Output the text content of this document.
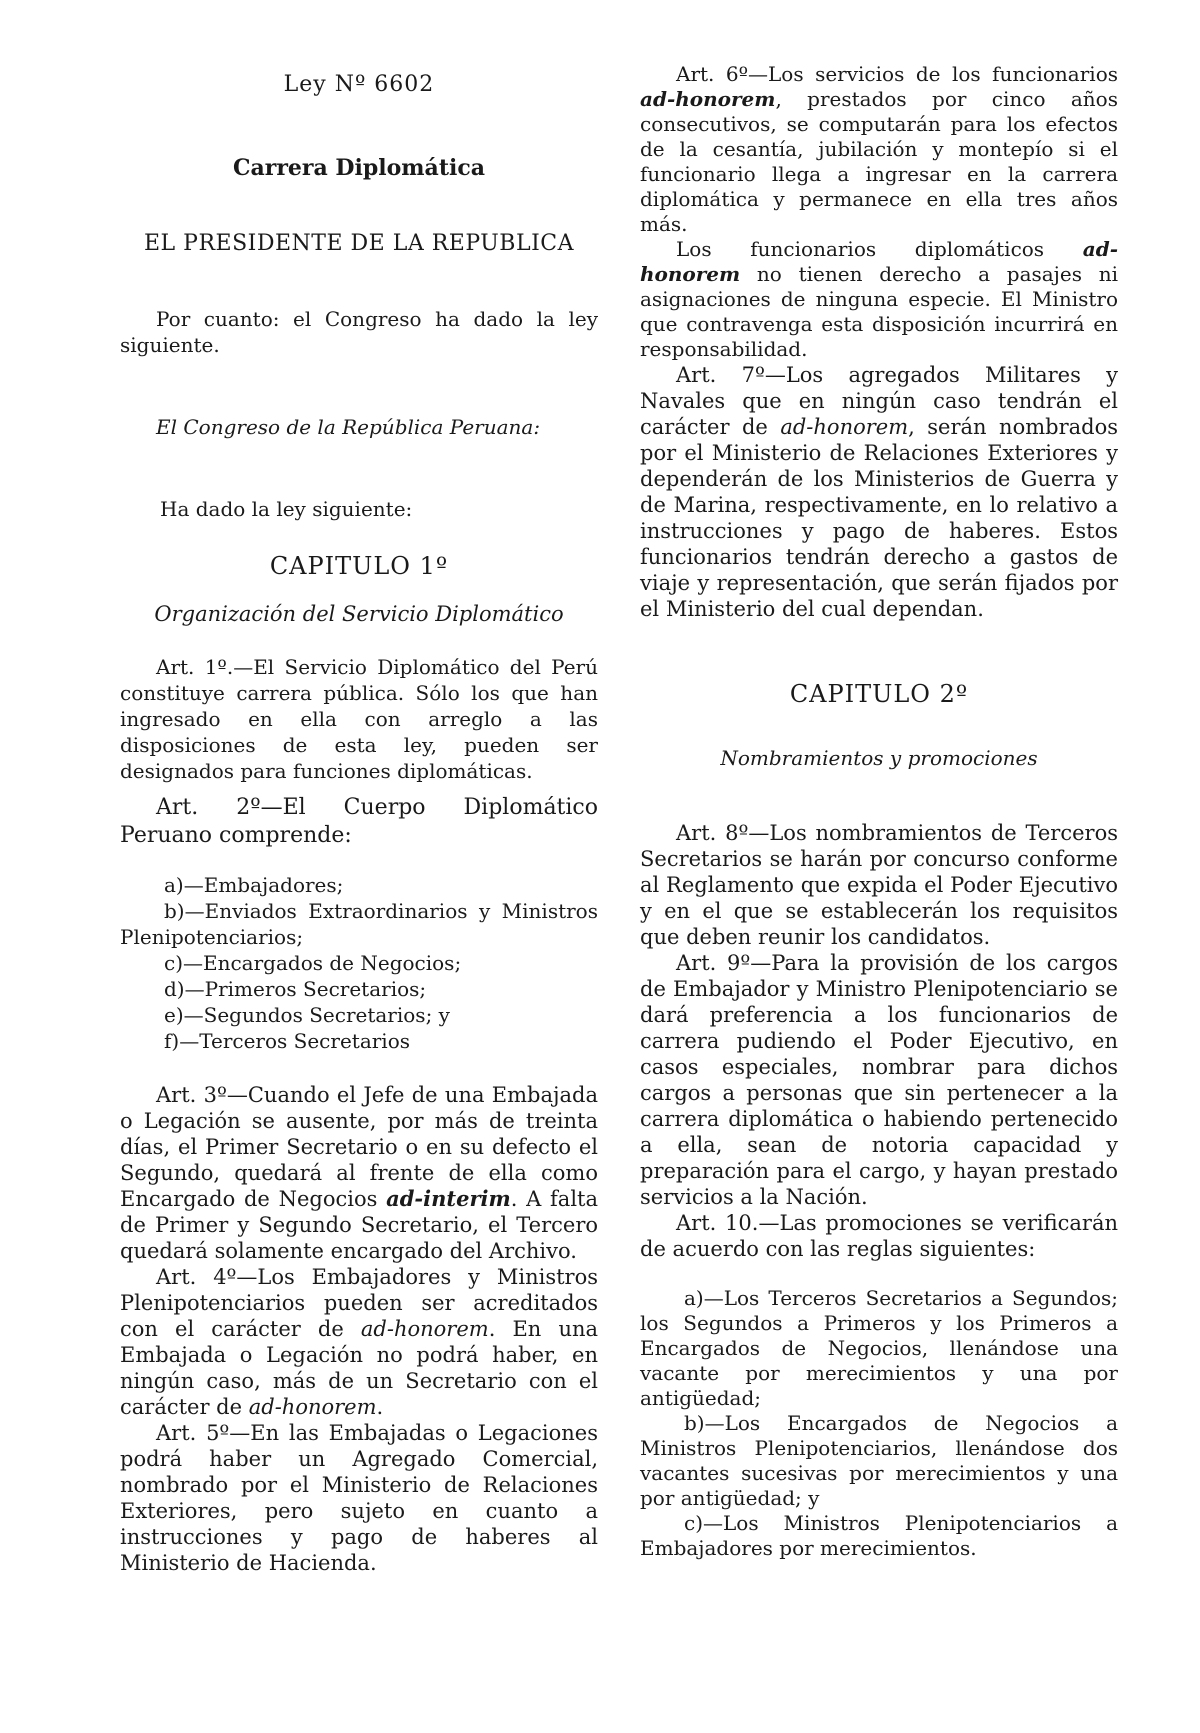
Ley Nº 6602

Carrera Diplomática

EL PRESIDENTE DE LA REPUBLICA

Por cuanto: el Congreso ha dado la ley siguiente.

El Congreso de la República Peruana:

Ha dado la ley siguiente:

CAPITULO 1º

Organización del Servicio Diplomático

Art. 1º.—El Servicio Diplomático del Perú constituye carrera pública. Sólo los que han ingresado en ella con arreglo a las disposiciones de esta ley, pueden ser designados para funciones diplomáticas.

Art. 2º—El Cuerpo Diplomático Peruano comprende:

a)—Embajadores;
b)—Enviados Extraordinarios y Ministros Plenipotenciarios;
c)—Encargados de Negocios;
d)—Primeros Secretarios;
e)—Segundos Secretarios; y
f)—Terceros Secretarios

Art. 3º—Cuando el Jefe de una Embajada o Legación se ausente, por más de treinta días, el Primer Secretario o en su defecto el Segundo, quedará al frente de ella como Encargado de Negocios ad-interim. A falta de Primer y Segundo Secretario, el Tercero quedará solamente encargado del Archivo.

Art. 4º—Los Embajadores y Ministros Plenipotenciarios pueden ser acreditados con el carácter de ad-honorem. En una Embajada o Legación no podrá haber, en ningún caso, más de un Secretario con el carácter de ad-honorem.

Art. 5º—En las Embajadas o Legaciones podrá haber un Agregado Comercial, nombrado por el Ministerio de Relaciones Exteriores, pero sujeto en cuanto a instrucciones y pago de haberes al Ministerio de Hacienda.

Art. 6º—Los servicios de los funcionarios ad-honorem, prestados por cinco años consecutivos, se computarán para los efectos de la cesantía, jubilación y montepío si el funcionario llega a ingresar en la carrera diplomática y permanece en ella tres años más.

Los funcionarios diplomáticos ad-honorem no tienen derecho a pasajes ni asignaciones de ninguna especie. El Ministro que contravenga esta disposición incurrirá en responsabilidad.

Art. 7º—Los agregados Militares y Navales que en ningún caso tendrán el carácter de ad-honorem, serán nombrados por el Ministerio de Relaciones Exteriores y dependerán de los Ministerios de Guerra y de Marina, respectivamente, en lo relativo a instrucciones y pago de haberes. Estos funcionarios tendrán derecho a gastos de viaje y representación, que serán fijados por el Ministerio del cual dependan.

CAPITULO 2º

Nombramientos y promociones

Art. 8º—Los nombramientos de Terceros Secretarios se harán por concurso conforme al Reglamento que expida el Poder Ejecutivo y en el que se establecerán los requisitos que deben reunir los candidatos.

Art. 9º—Para la provisión de los cargos de Embajador y Ministro Plenipotenciario se dará preferencia a los funcionarios de carrera pudiendo el Poder Ejecutivo, en casos especiales, nombrar para dichos cargos a personas que sin pertenecer a la carrera diplomática o habiendo pertenecido a ella, sean de notoria capacidad y preparación para el cargo, y hayan prestado servicios a la Nación.

Art. 10.—Las promociones se verificarán de acuerdo con las reglas siguientes:

a)—Los Terceros Secretarios a Segundos; los Segundos a Primeros y los Primeros a Encargados de Negocios, llenándose una vacante por merecimientos y una por antigüedad;

b)—Los Encargados de Negocios a Ministros Plenipotenciarios, llenándose dos vacantes sucesivas por merecimientos y una por antigüedad; y

c)—Los Ministros Plenipotenciarios a Embajadores por merecimientos.
